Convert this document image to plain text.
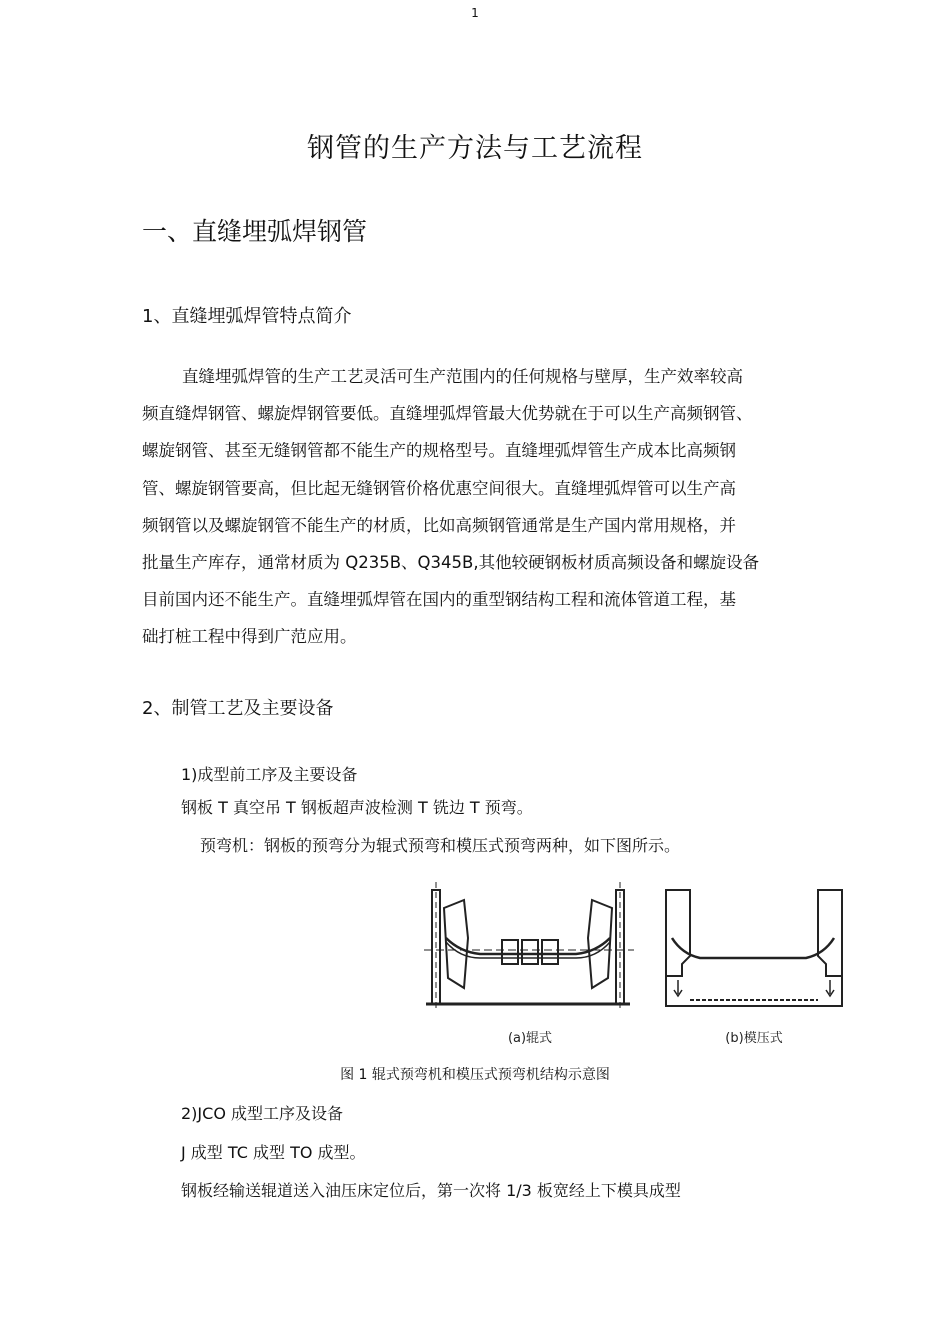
1
钢管的生产方法与工艺流程
一、直缝埋弧焊钢管
1、直缝埋弧焊管特点简介

直缝埋弧焊管的生产工艺灵活可生产范围内的任何规格与壁厚，生产效率较高

频直缝焊钢管、螺旋焊钢管要低。直缝埋弧焊管最大优势就在于可以生产高频钢管、

螺旋钢管、甚至无缝钢管都不能生产的规格型号。直缝埋弧焊管生产成本比高频钢

管、螺旋钢管要高，但比起无缝钢管价格优惠空间很大。直缝埋弧焊管可以生产高

频钢管以及螺旋钢管不能生产的材质，比如高频钢管通常是生产国内常用规格，并

批量生产库存，通常材质为 Q235B、Q345B,其他较硬钢板材质高频设备和螺旋设备

目前国内还不能生产。直缝埋弧焊管在国内的重型钢结构工程和流体管道工程，基

础打桩工程中得到广范应用。

2、制管工艺及主要设备
1)成型前工序及主要设备
钢板 T 真空吊 T 钢板超声波检测 T 铣边 T 预弯。
预弯机：钢板的预弯分为辊式预弯和模压式预弯两种，如下图所示。
(a)辊式	(b)模压式
图 1 辊式预弯机和模压式预弯机结构示意图
2)JCO 成型工序及设备
J 成型 TC 成型 TO 成型。
钢板经输送辊道送入油压床定位后，第一次将 1/3 板宽经上下模具成型
